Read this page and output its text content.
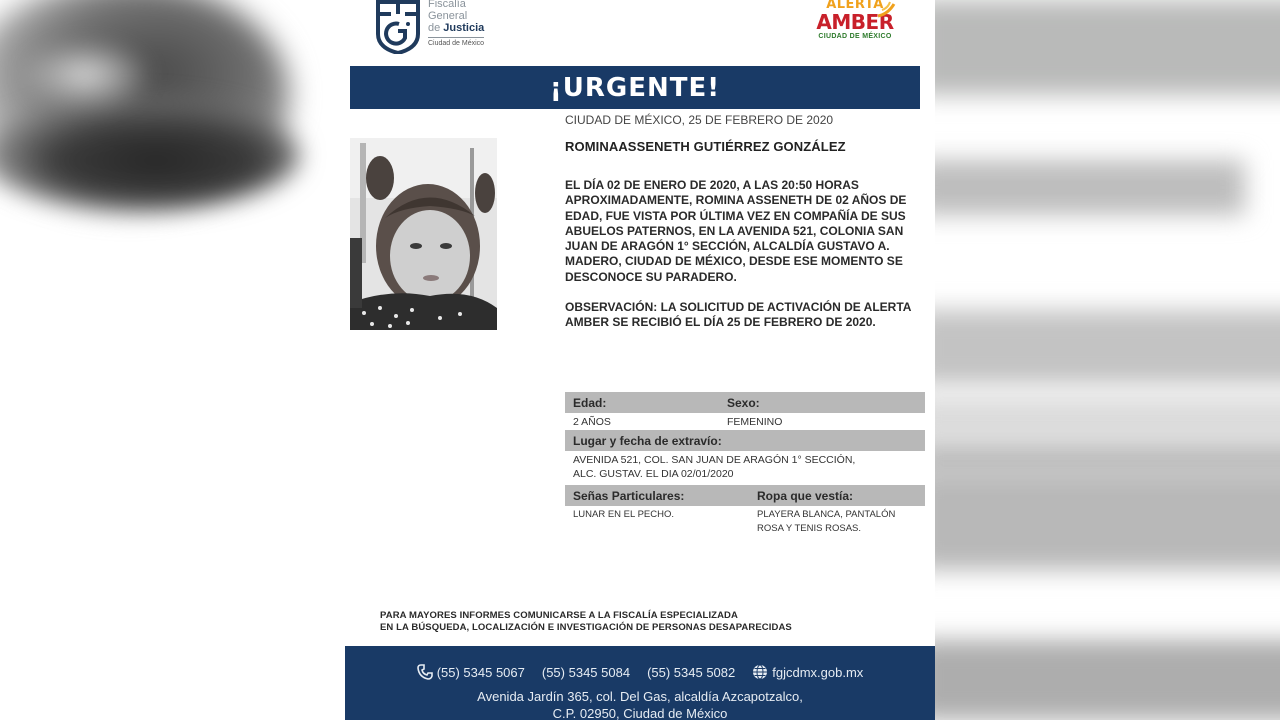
Fiscalía
General
de Justicia
Ciudad de México
ALERTA
AMBER
CIUDAD DE MÉXICO
¡URGENTE!
CIUDAD DE MÉXICO, 25 DE FEBRERO DE 2020
ROMINAASSENETH GUTIÉRREZ GONZÁLEZ
EL DÍA 02 DE ENERO DE 2020, A LAS 20:50 HORAS APROXIMADAMENTE, ROMINA ASSENETH DE 02 AÑOS DE EDAD, FUE VISTA POR ÚLTIMA VEZ EN COMPAÑÍA DE SUS ABUELOS PATERNOS, EN LA AVENIDA 521, COLONIA SAN JUAN DE ARAGÓN 1° SECCIÓN, ALCALDÍA GUSTAVO A. MADERO, CIUDAD DE MÉXICO, DESDE ESE MOMENTO SE DESCONOCE SU PARADERO.
OBSERVACIÓN: LA SOLICITUD DE ACTIVACIÓN DE ALERTA AMBER SE RECIBIÓ EL DÍA 25 DE FEBRERO DE 2020.
Edad:	Sexo:
2 AÑOS	FEMENINO
Lugar y fecha de extravío:
AVENIDA 521, COL. SAN JUAN DE ARAGÓN 1° SECCIÓN,
ALC. GUSTAV. EL DIA 02/01/2020
Señas Particulares:	Ropa que vestía:
LUNAR EN EL PECHO.	PLAYERA BLANCA, PANTALÓN
ROSA Y TENIS ROSAS.
PARA MAYORES INFORMES COMUNICARSE A LA FISCALÍA ESPECIALIZADA
EN LA BÚSQUEDA, LOCALIZACIÓN E INVESTIGACIÓN DE PERSONAS DESAPARECIDAS
(55) 5345 5067 (55) 5345 5084 (55) 5345 5082	fgjcdmx.gob.mx
Avenida Jardín 365, col. Del Gas, alcaldía Azcapotzalco,
C.P. 02950, Ciudad de México
